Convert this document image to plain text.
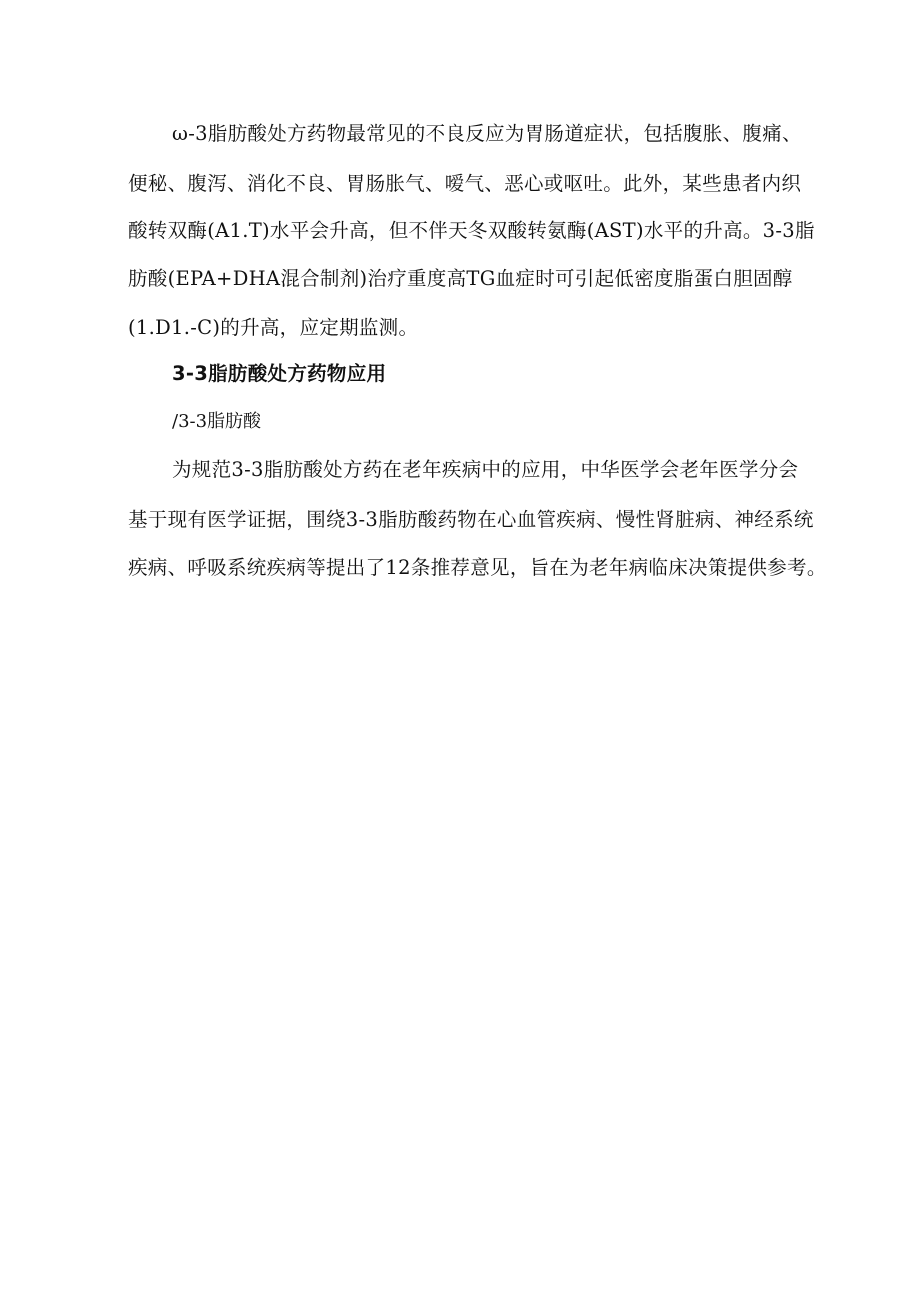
ω-3脂肪酸处方药物最常见的不良反应为胃肠道症状，包括腹胀、腹痛、
便秘、腹泻、消化不良、胃肠胀气、嗳气、恶心或呕吐。此外，某些患者内织
酸转双酶(A1.T)水平会升高，但不伴天冬双酸转氨酶(AST)水平的升高。3-3脂
肪酸(EPA+DHA混合制剂)治疗重度高TG血症时可引起低密度脂蛋白胆固醇
(1.D1.-C)的升高，应定期监测。
3-3脂肪酸处方药物应用
/3-3脂肪酸
为规范3-3脂肪酸处方药在老年疾病中的应用，中华医学会老年医学分会
基于现有医学证据，围绕3-3脂肪酸药物在心血管疾病、慢性肾脏病、神经系统
疾病、呼吸系统疾病等提出了12条推荐意见，旨在为老年病临床决策提供参考。
